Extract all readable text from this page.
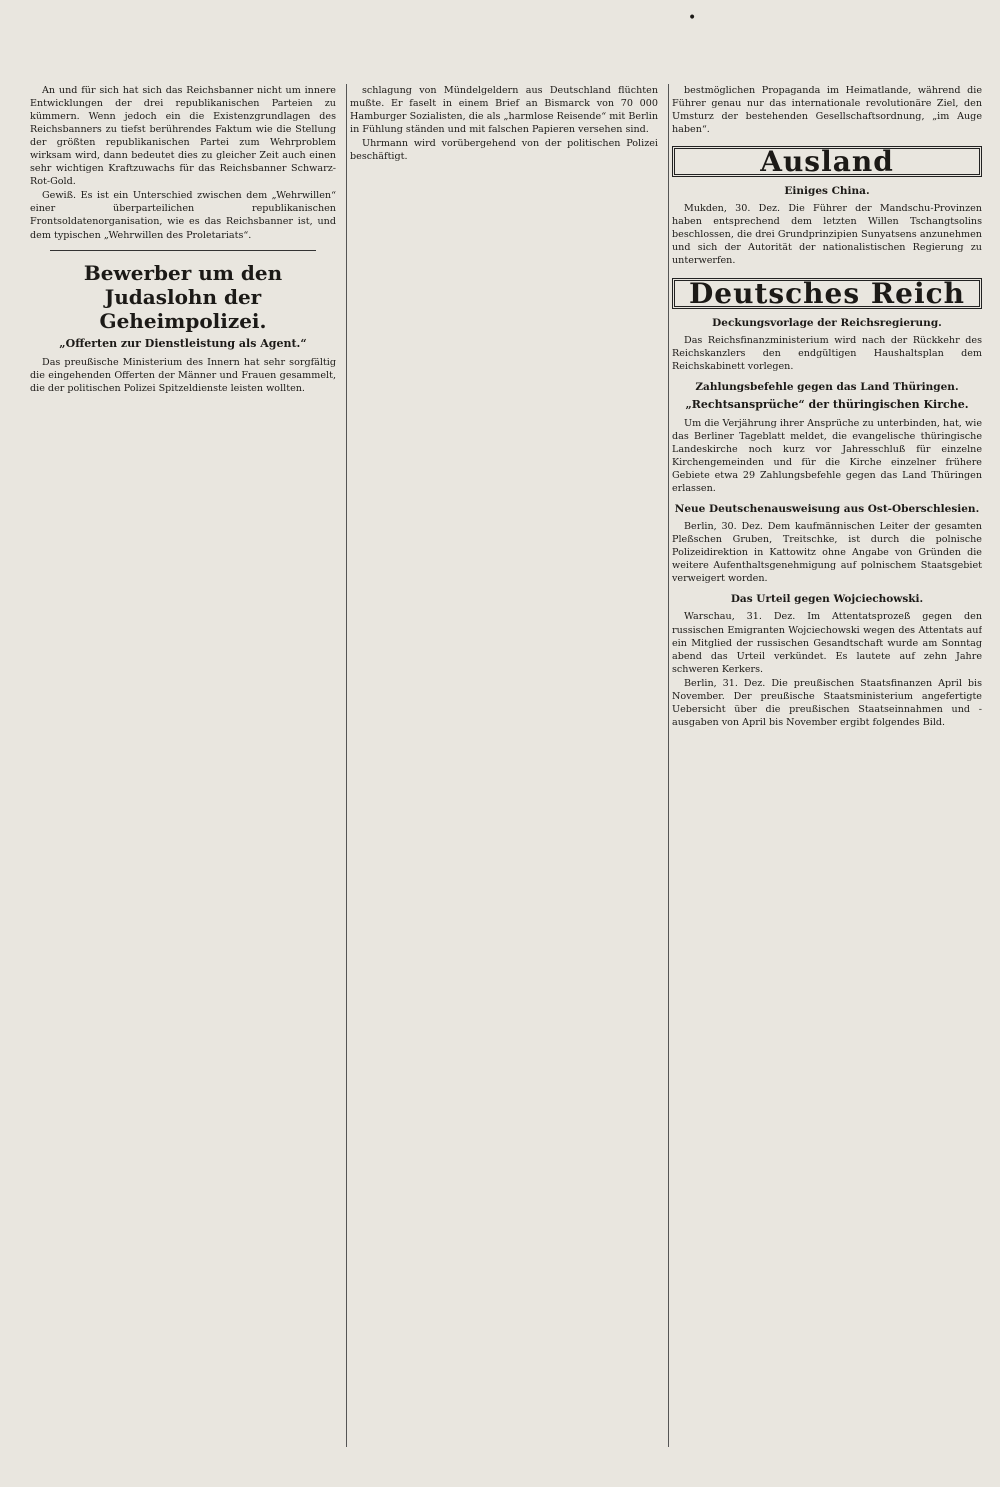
•

An und für sich hat sich das Reichsbanner nicht um innere Entwicklungen der drei republikanischen Parteien zu kümmern. Wenn jedoch ein die Existenzgrundlagen des Reichsbanners zu tiefst berührendes Faktum wie die Stellung der größten republikanischen Partei zum Wehrproblem wirksam wird, dann bedeutet dies zu gleicher Zeit auch einen sehr wichtigen Kraftzuwachs für das Reichsbanner Schwarz-Rot-Gold.

Gewiß. Es ist ein Unterschied zwischen dem „Wehrwillen“ einer überparteilichen republikanischen Frontsoldatenorganisation, wie es das Reichsbanner ist, und dem typischen „Wehrwillen des Proletariats“.

Bewerber um den Judaslohn der Geheimpolizei.
„Offerten zur Dienstleistung als Agent.“

Das preußische Ministerium des Innern hat sehr sorgfältig die eingehenden Offerten der Männer und Frauen gesammelt, die der politischen Polizei Spitzeldienste leisten wollten.

schlagung von Mündelgeldern aus Deutschland flüchten mußte. Er faselt in einem Brief an Bismarck von 70 000 Hamburger Sozialisten, die als „harmlose Reisende“ mit Berlin in Fühlung ständen und mit falschen Papieren versehen sind.

Uhrmann wird vorübergehend von der politischen Polizei beschäftigt.

bestmöglichen Propaganda im Heimatlande, während die Führer genau nur das internationale revolutionäre Ziel, den Umsturz der bestehenden Gesellschaftsordnung, „im Auge haben“.

Ausland
Einiges China.

Mukden, 30. Dez. Die Führer der Mandschu-Provinzen haben entsprechend dem letzten Willen Tschangtsolins beschlossen, die drei Grundprinzipien Sunyatsens anzunehmen und sich der Autorität der nationalistischen Regierung zu unterwerfen.

Deutsches Reich
Deckungsvorlage der Reichsregierung.

Das Reichsfinanzministerium wird nach der Rückkehr des Reichskanzlers den endgültigen Haushaltsplan dem Reichskabinett vorlegen.

Zahlungsbefehle gegen das Land Thüringen.
„Rechtsansprüche“ der thüringischen Kirche.

Um die Verjährung ihrer Ansprüche zu unterbinden, hat, wie das Berliner Tageblatt meldet, die evangelische thüringische Landeskirche noch kurz vor Jahresschluß für einzelne Kirchengemeinden und für die Kirche einzelner frühere Gebiete etwa 29 Zahlungsbefehle gegen das Land Thüringen erlassen.

Neue Deutschenausweisung aus Ost-Oberschlesien.

Berlin, 30. Dez. Dem kaufmännischen Leiter der gesamten Pleßschen Gruben, Treitschke, ist durch die polnische Polizeidirektion in Kattowitz ohne Angabe von Gründen die weitere Aufenthaltsgenehmigung auf polnischem Staatsgebiet verweigert worden.

Das Urteil gegen Wojciechowski.

Warschau, 31. Dez. Im Attentatsprozeß gegen den russischen Emigranten Wojciechowski wegen des Attentats auf ein Mitglied der russischen Gesandtschaft wurde am Sonntag abend das Urteil verkündet. Es lautete auf zehn Jahre schweren Kerkers.

Berlin, 31. Dez. Die preußischen Staatsfinanzen April bis November. Der preußische Staatsministerium angefertigte Uebersicht über die preußischen Staatseinnahmen und -ausgaben von April bis November ergibt folgendes Bild.
